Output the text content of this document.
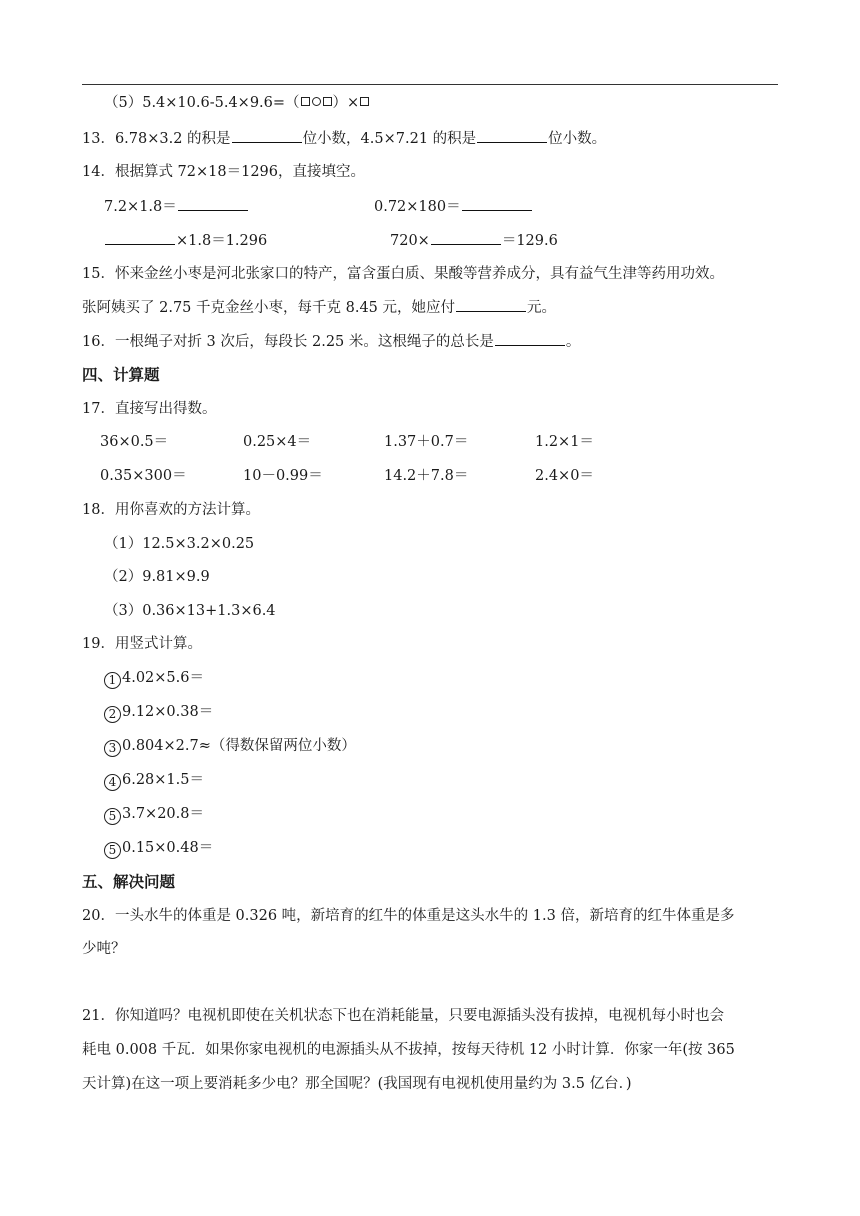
（5）5.4×10.6-5.4×9.6=（ ）×
13．6.78×3.2 的积是	位小数，4.5×7.21 的积是	位小数。
14．根据算式 72×18＝1296，直接填空。
7.2×1.8＝	0.72×180＝
×1.8＝1.296	720×	＝129.6
15．怀来金丝小枣是河北张家口的特产，富含蛋白质、果酸等营养成分，具有益气生津等药用功效。
张阿姨买了 2.75 千克金丝小枣，每千克 8.45 元，她应付	元。
16．一根绳子对折 3 次后，每段长 2.25 米。这根绳子的总长是	。
四、计算题
17．直接写出得数。
36×0.5＝	0.25×4＝	1.37＋0.7＝	1.2×1＝
0.35×300＝	10－0.99＝	14.2＋7.8＝	2.4×0＝
18．用你喜欢的方法计算。
（1）12.5×3.2×0.25
（2）9.81×9.9
（3）0.36×13+1.3×6.4
19．用竖式计算。
1 4.02×5.6＝
2 9.12×0.38＝
3 0.804×2.7≈（得数保留两位小数）
4 6.28×1.5＝
5 3.7×20.8＝
5 0.15×0.48＝
五、解决问题
20．一头水牛的体重是 0.326 吨，新培育的红牛的体重是这头水牛的 1.3 倍，新培育的红牛体重是多
少吨？
21．你知道吗？电视机即使在关机状态下也在消耗能量，只要电源插头没有拔掉，电视机每小时也会
耗电 0.008 千瓦．如果你家电视机的电源插头从不拔掉，按每天待机 12 小时计算．你家一年(按 365
天计算)在这一项上要消耗多少电？那全国呢？(我国现有电视机使用量约为 3.5 亿台．)
